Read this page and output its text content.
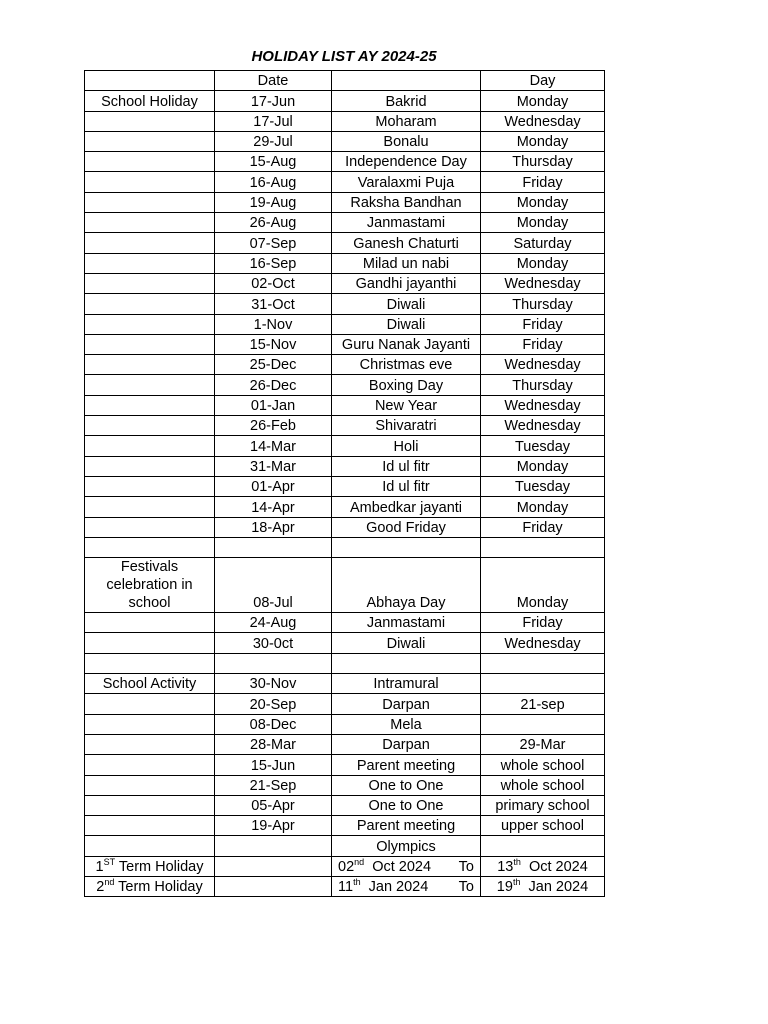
HOLIDAY LIST AY 2024-25
	Date		Day
School Holiday	17-Jun	Bakrid	Monday
	17-Jul	Moharam	Wednesday
	29-Jul	Bonalu	Monday
	15-Aug	Independence Day	Thursday
	16-Aug	Varalaxmi Puja	Friday
	19-Aug	Raksha Bandhan	Monday
	26-Aug	Janmastami	Monday
	07-Sep	Ganesh Chaturti	Saturday
	16-Sep	Milad un nabi	Monday
	02-Oct	Gandhi jayanthi	Wednesday
	31-Oct	Diwali	Thursday
	1-Nov	Diwali	Friday
	15-Nov	Guru Nanak Jayanti	Friday
	25-Dec	Christmas eve	Wednesday
	26-Dec	Boxing Day	Thursday
	01-Jan	New Year	Wednesday
	26-Feb	Shivaratri	Wednesday
	14-Mar	Holi	Tuesday
	31-Mar	Id ul fitr	Monday
	01-Apr	Id ul fitr	Tuesday
	14-Apr	Ambedkar jayanti	Monday
	18-Apr	Good Friday	Friday

Festivals celebration in school	08-Jul	Abhaya Day	Monday
	24-Aug	Janmastami	Friday
	30-0ct	Diwali	Wednesday

School Activity	30-Nov	Intramural	
	20-Sep	Darpan	21-sep
	08-Dec	Mela	
	28-Mar	Darpan	29-Mar
	15-Jun	Parent meeting	whole school
	21-Sep	One to One	whole school
	05-Apr	One to One	primary school
	19-Apr	Parent meeting	upper school
		Olympics	
1ST Term Holiday		02nd Oct 2024 To	13th Oct 2024
2nd Term Holiday		11th Jan 2024 To	19th Jan 2024
